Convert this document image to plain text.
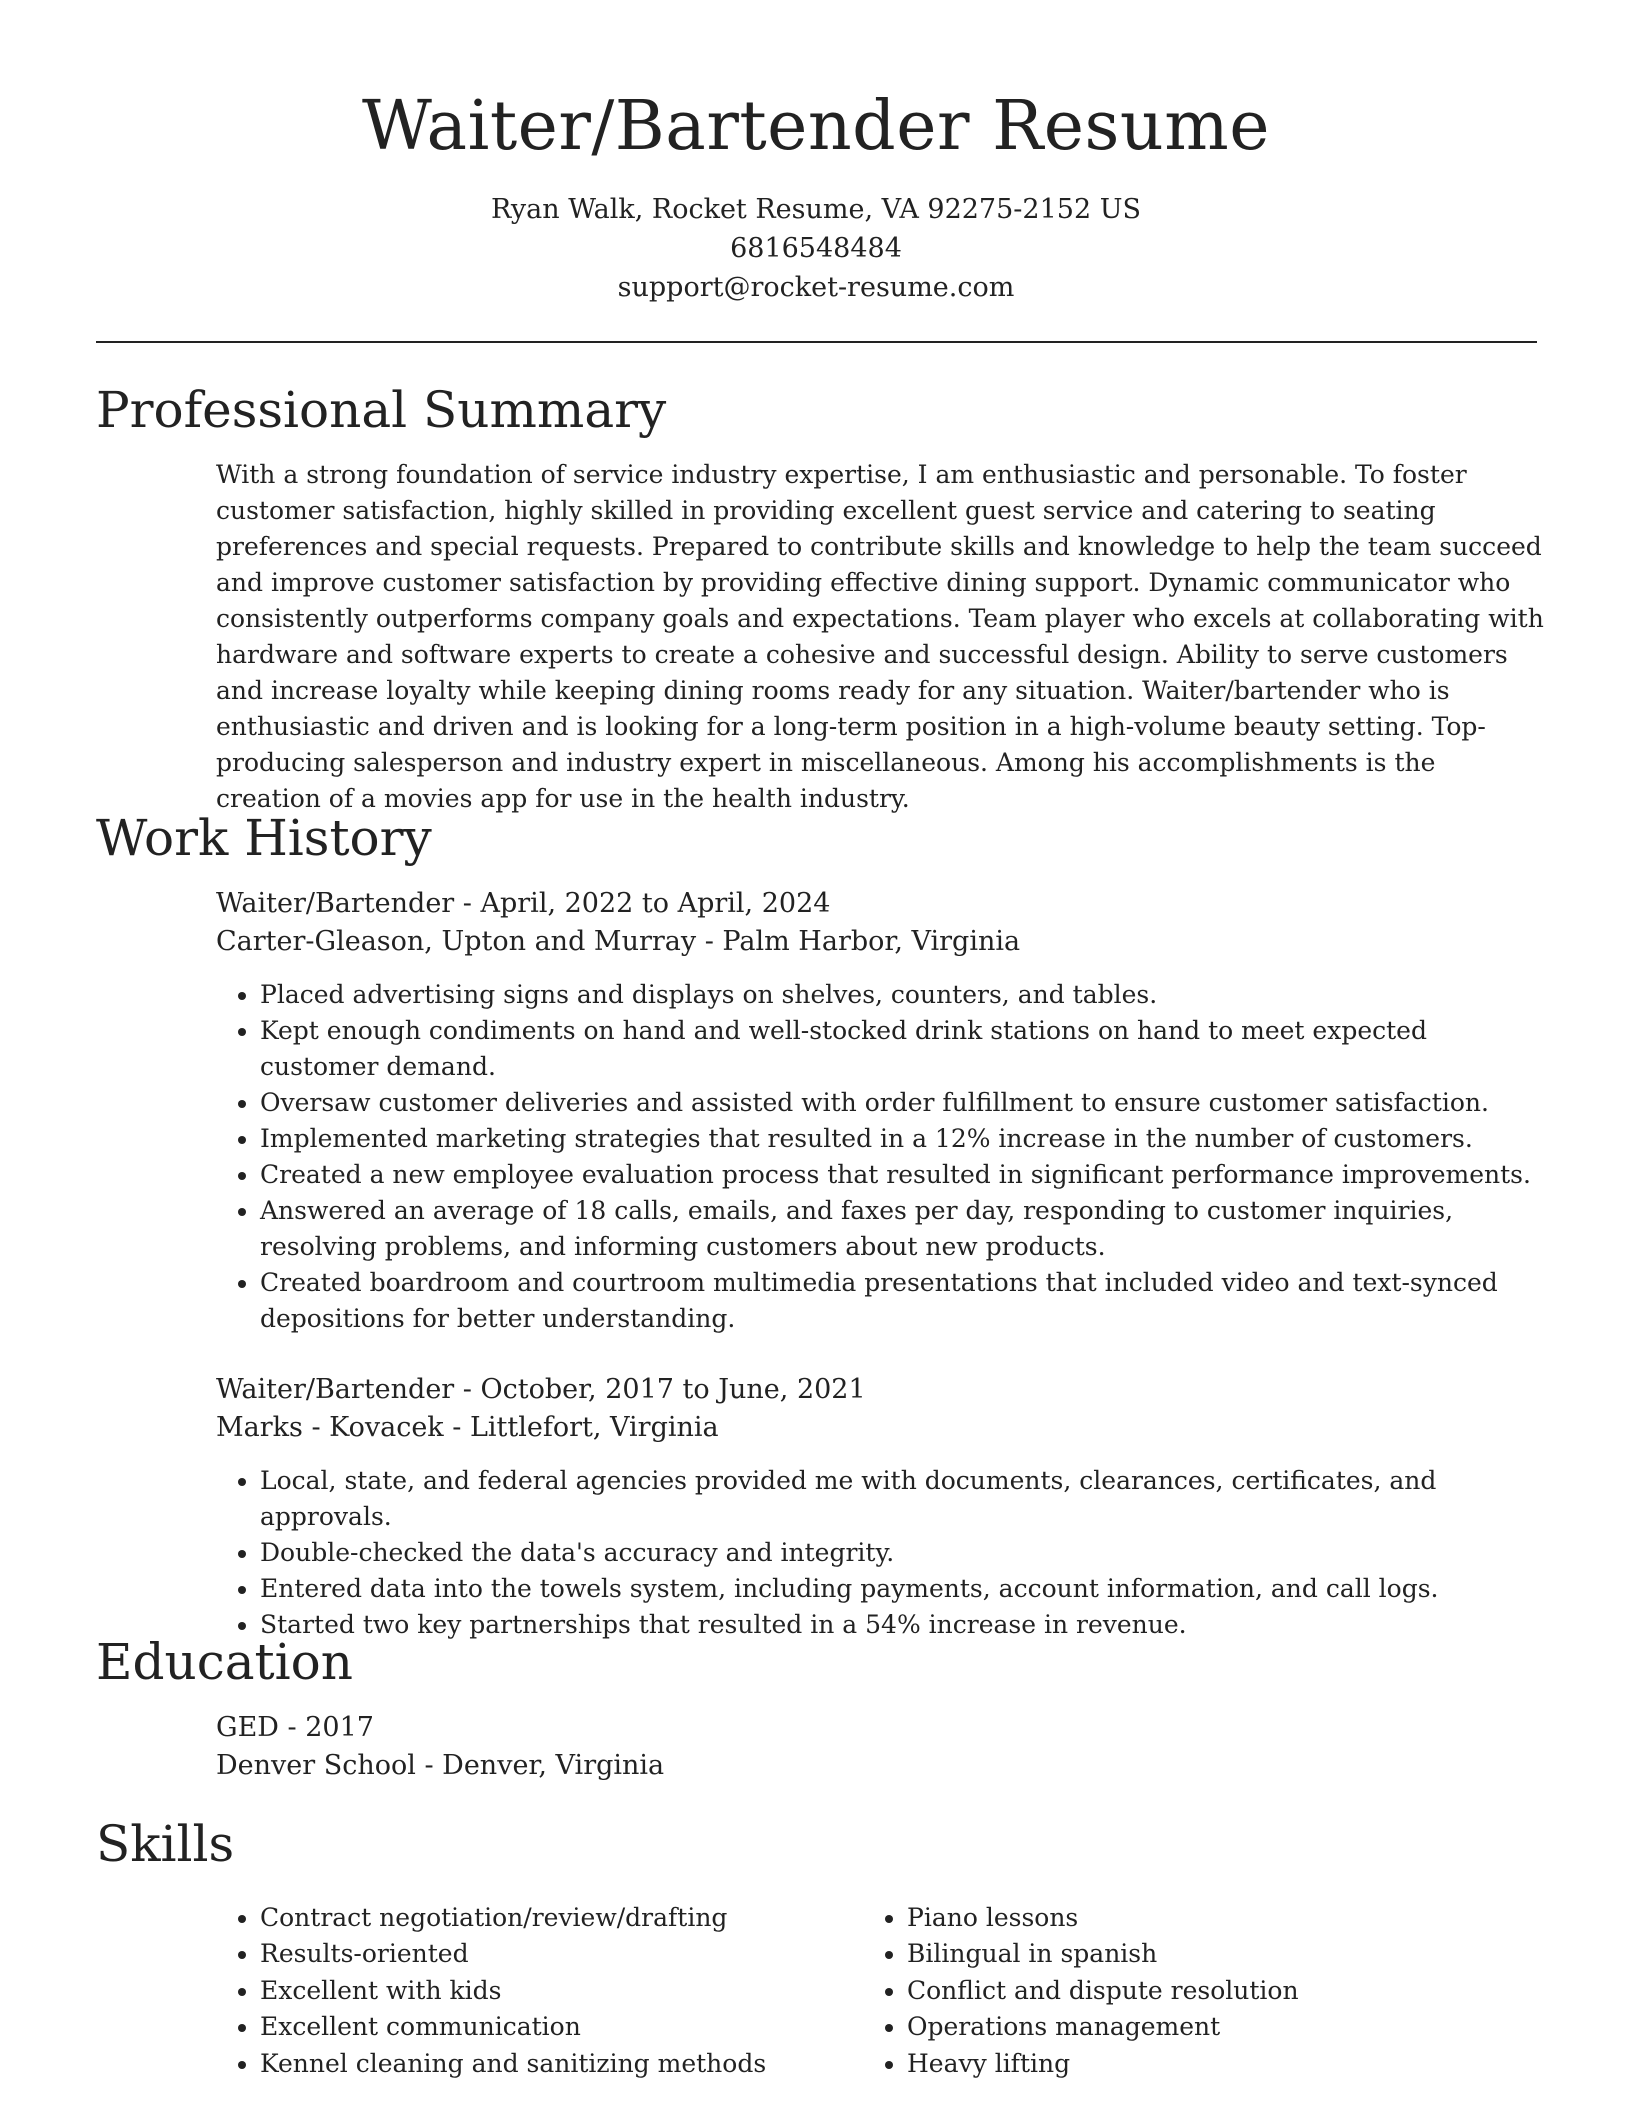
Waiter/Bartender Resume
Ryan Walk, Rocket Resume, VA 92275-2152 US
6816548484
support@rocket-resume.com
Professional Summary
With a strong foundation of service industry expertise, I am enthusiastic and personable. To foster customer satisfaction, highly skilled in providing excellent guest service and catering to seating preferences and special requests. Prepared to contribute skills and knowledge to help the team succeed and improve customer satisfaction by providing effective dining support. Dynamic communicator who consistently outperforms company goals and expectations. Team player who excels at collaborating with hardware and software experts to create a cohesive and successful design. Ability to serve customers and increase loyalty while keeping dining rooms ready for any situation. Waiter/bartender who is enthusiastic and driven and is looking for a long-term position in a high-volume beauty setting. Top-producing salesperson and industry expert in miscellaneous. Among his accomplishments is the creation of a movies app for use in the health industry.
Work History
Waiter/Bartender - April, 2022 to April, 2024
Carter-Gleason, Upton and Murray - Palm Harbor, Virginia
• Placed advertising signs and displays on shelves, counters, and tables.
• Kept enough condiments on hand and well-stocked drink stations on hand to meet expected customer demand.
• Oversaw customer deliveries and assisted with order fulfillment to ensure customer satisfaction.
• Implemented marketing strategies that resulted in a 12% increase in the number of customers.
• Created a new employee evaluation process that resulted in significant performance improvements.
• Answered an average of 18 calls, emails, and faxes per day, responding to customer inquiries, resolving problems, and informing customers about new products.
• Created boardroom and courtroom multimedia presentations that included video and text-synced depositions for better understanding.
Waiter/Bartender - October, 2017 to June, 2021
Marks - Kovacek - Littlefort, Virginia
• Local, state, and federal agencies provided me with documents, clearances, certificates, and approvals.
• Double-checked the data's accuracy and integrity.
• Entered data into the towels system, including payments, account information, and call logs.
• Started two key partnerships that resulted in a 54% increase in revenue.
Education
GED - 2017
Denver School - Denver, Virginia
Skills
• Contract negotiation/review/drafting
• Results-oriented
• Excellent with kids
• Excellent communication
• Kennel cleaning and sanitizing methods
• Piano lessons
• Bilingual in spanish
• Conflict and dispute resolution
• Operations management
• Heavy lifting
